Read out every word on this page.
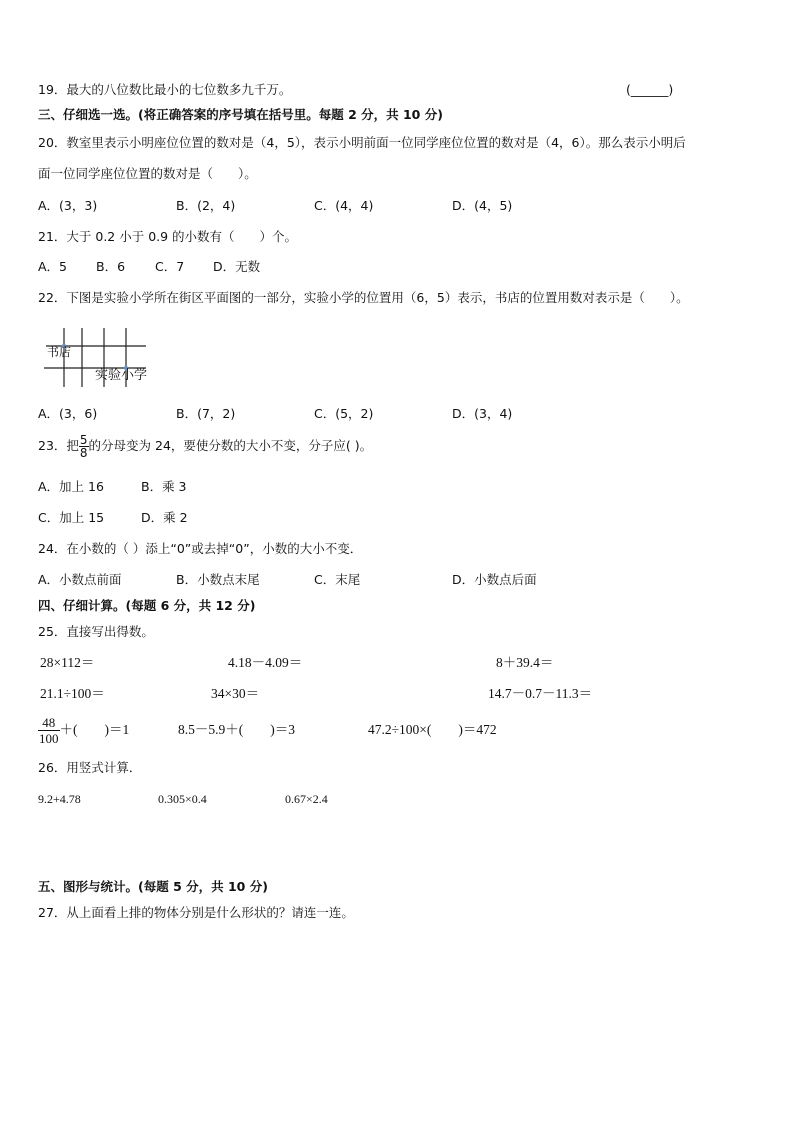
19．最大的八位数比最小的七位数多九千万。	(______)
三、仔细选一选。(将正确答案的序号填在括号里。每题 2 分，共 10 分)
20．教室里表示小明座位位置的数对是（4，5），表示小明前面一位同学座位位置的数对是（4，6）。那么表示小明后
面一位同学座位位置的数对是（　　）。
A．(3，3)	B．(2，4)	C．(4，4)	D．(4，5)
21．大于 0.2 小于 0.9 的小数有（　　）个。
A．5 B．6 C．7 D．无数
22．下图是实验小学所在街区平面图的一部分，实验小学的位置用（6，5）表示，书店的位置用数对表示是（　　）。
书店
实验小学
A．(3，6)	B．(7，2)	C．(5，2)	D．(3，4)
23．把 $\frac{5}{8}$ 的分母变为 24，要使分数的大小不变，分子应( )。
A．加上 16	B．乘 3
C．加上 15	D．乘 2
24．在小数的（ ）添上“0”或去掉“0”，小数的大小不变．
A．小数点前面	B．小数点末尾	C．末尾	D．小数点后面
四、仔细计算。(每题 6 分，共 12 分)
25．直接写出得数。
28×112＝	4.18－4.09＝	8＋39.4＝
21.1÷100＝	34×30＝	14.7－0.7－11.3＝
$\frac{48}{100}$ ＋(　　)＝1	8.5－5.9＋(　　)＝3	47.2÷100×(　　)＝472
26．用竖式计算．
9.2+4.78	0.305×0.4	0.67×2.4
五、图形与统计。(每题 5 分，共 10 分)
27．从上面看上排的物体分别是什么形状的？请连一连。
